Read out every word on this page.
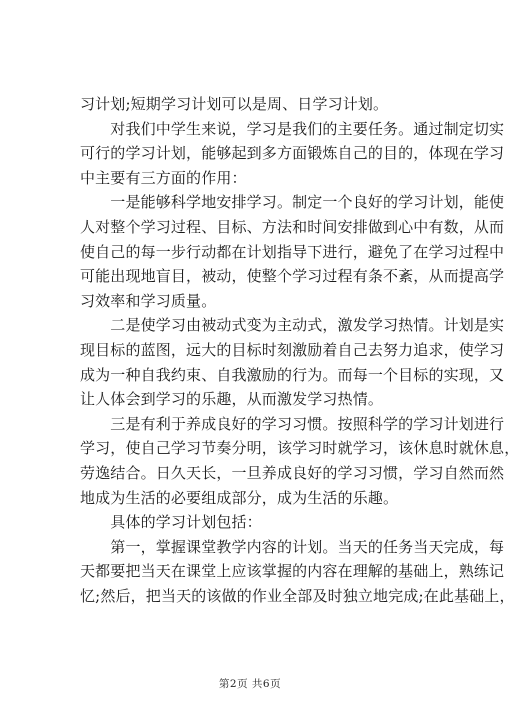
习计划;短期学习计划可以是周、日学习计划。
　　对我们中学生来说，学习是我们的主要任务。通过制定切实
可行的学习计划，能够起到多方面锻炼自己的目的，体现在学习
中主要有三方面的作用：
　　一是能够科学地安排学习。制定一个良好的学习计划，能使
人对整个学习过程、目标、方法和时间安排做到心中有数，从而
使自己的每一步行动都在计划指导下进行，避免了在学习过程中
可能出现地盲目，被动，使整个学习过程有条不紊，从而提高学
习效率和学习质量。
　　二是使学习由被动式变为主动式，激发学习热情。计划是实
现目标的蓝图，远大的目标时刻激励着自己去努力追求，使学习
成为一种自我约束、自我激励的行为。而每一个目标的实现，又
让人体会到学习的乐趣，从而激发学习热情。
　　三是有利于养成良好的学习习惯。按照科学的学习计划进行
学习，使自己学习节奏分明，该学习时就学习，该休息时就休息，
劳逸结合。日久天长，一旦养成良好的学习习惯，学习自然而然
地成为生活的必要组成部分，成为生活的乐趣。
　　具体的学习计划包括：
　　第一，掌握课堂教学内容的计划。当天的任务当天完成，每
天都要把当天在课堂上应该掌握的内容在理解的基础上，熟练记
忆;然后，把当天的该做的作业全部及时独立地完成;在此基础上，
第2页 共6页
